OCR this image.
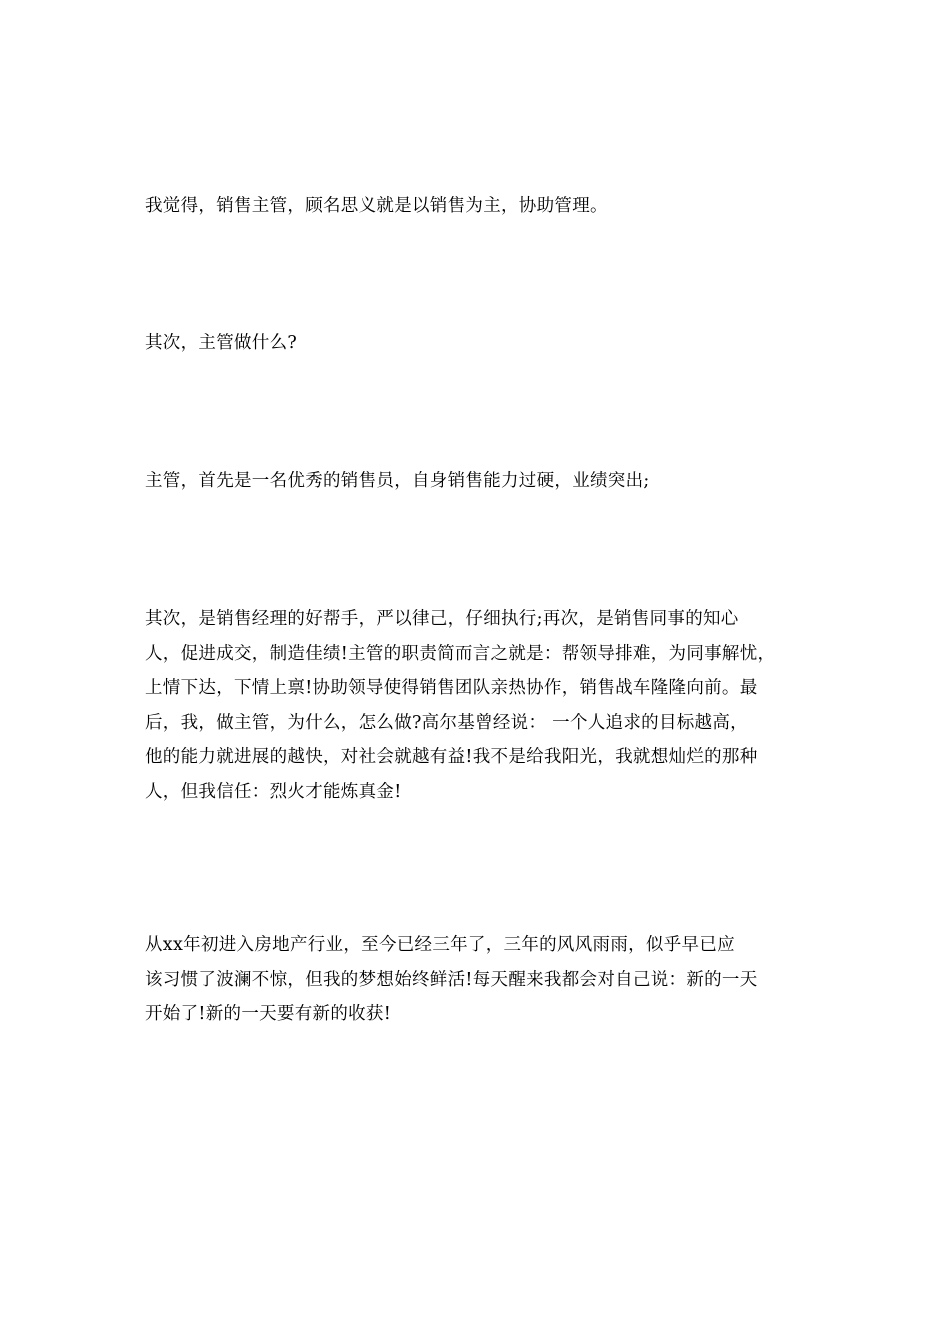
我觉得，销售主管，顾名思义就是以销售为主，协助管理。

其次，主管做什么?

主管，首先是一名优秀的销售员，自身销售能力过硬，业绩突出;

其次，是销售经理的好帮手，严以律己，仔细执行;再次，是销售同事的知心
人，促进成交，制造佳绩!主管的职责简而言之就是：帮领导排难，为同事解忧，
上情下达，下情上禀!协助领导使得销售团队亲热协作，销售战车隆隆向前。最
后，我，做主管，为什么，怎么做?高尔基曾经说： 一个人追求的目标越高，
他的能力就进展的越快，对社会就越有益!我不是给我阳光，我就想灿烂的那种
人，但我信任：烈火才能炼真金!

从xx年初进入房地产行业，至今已经三年了，三年的风风雨雨，似乎早已应
该习惯了波澜不惊，但我的梦想始终鲜活!每天醒来我都会对自己说：新的一天
开始了!新的一天要有新的收获!
